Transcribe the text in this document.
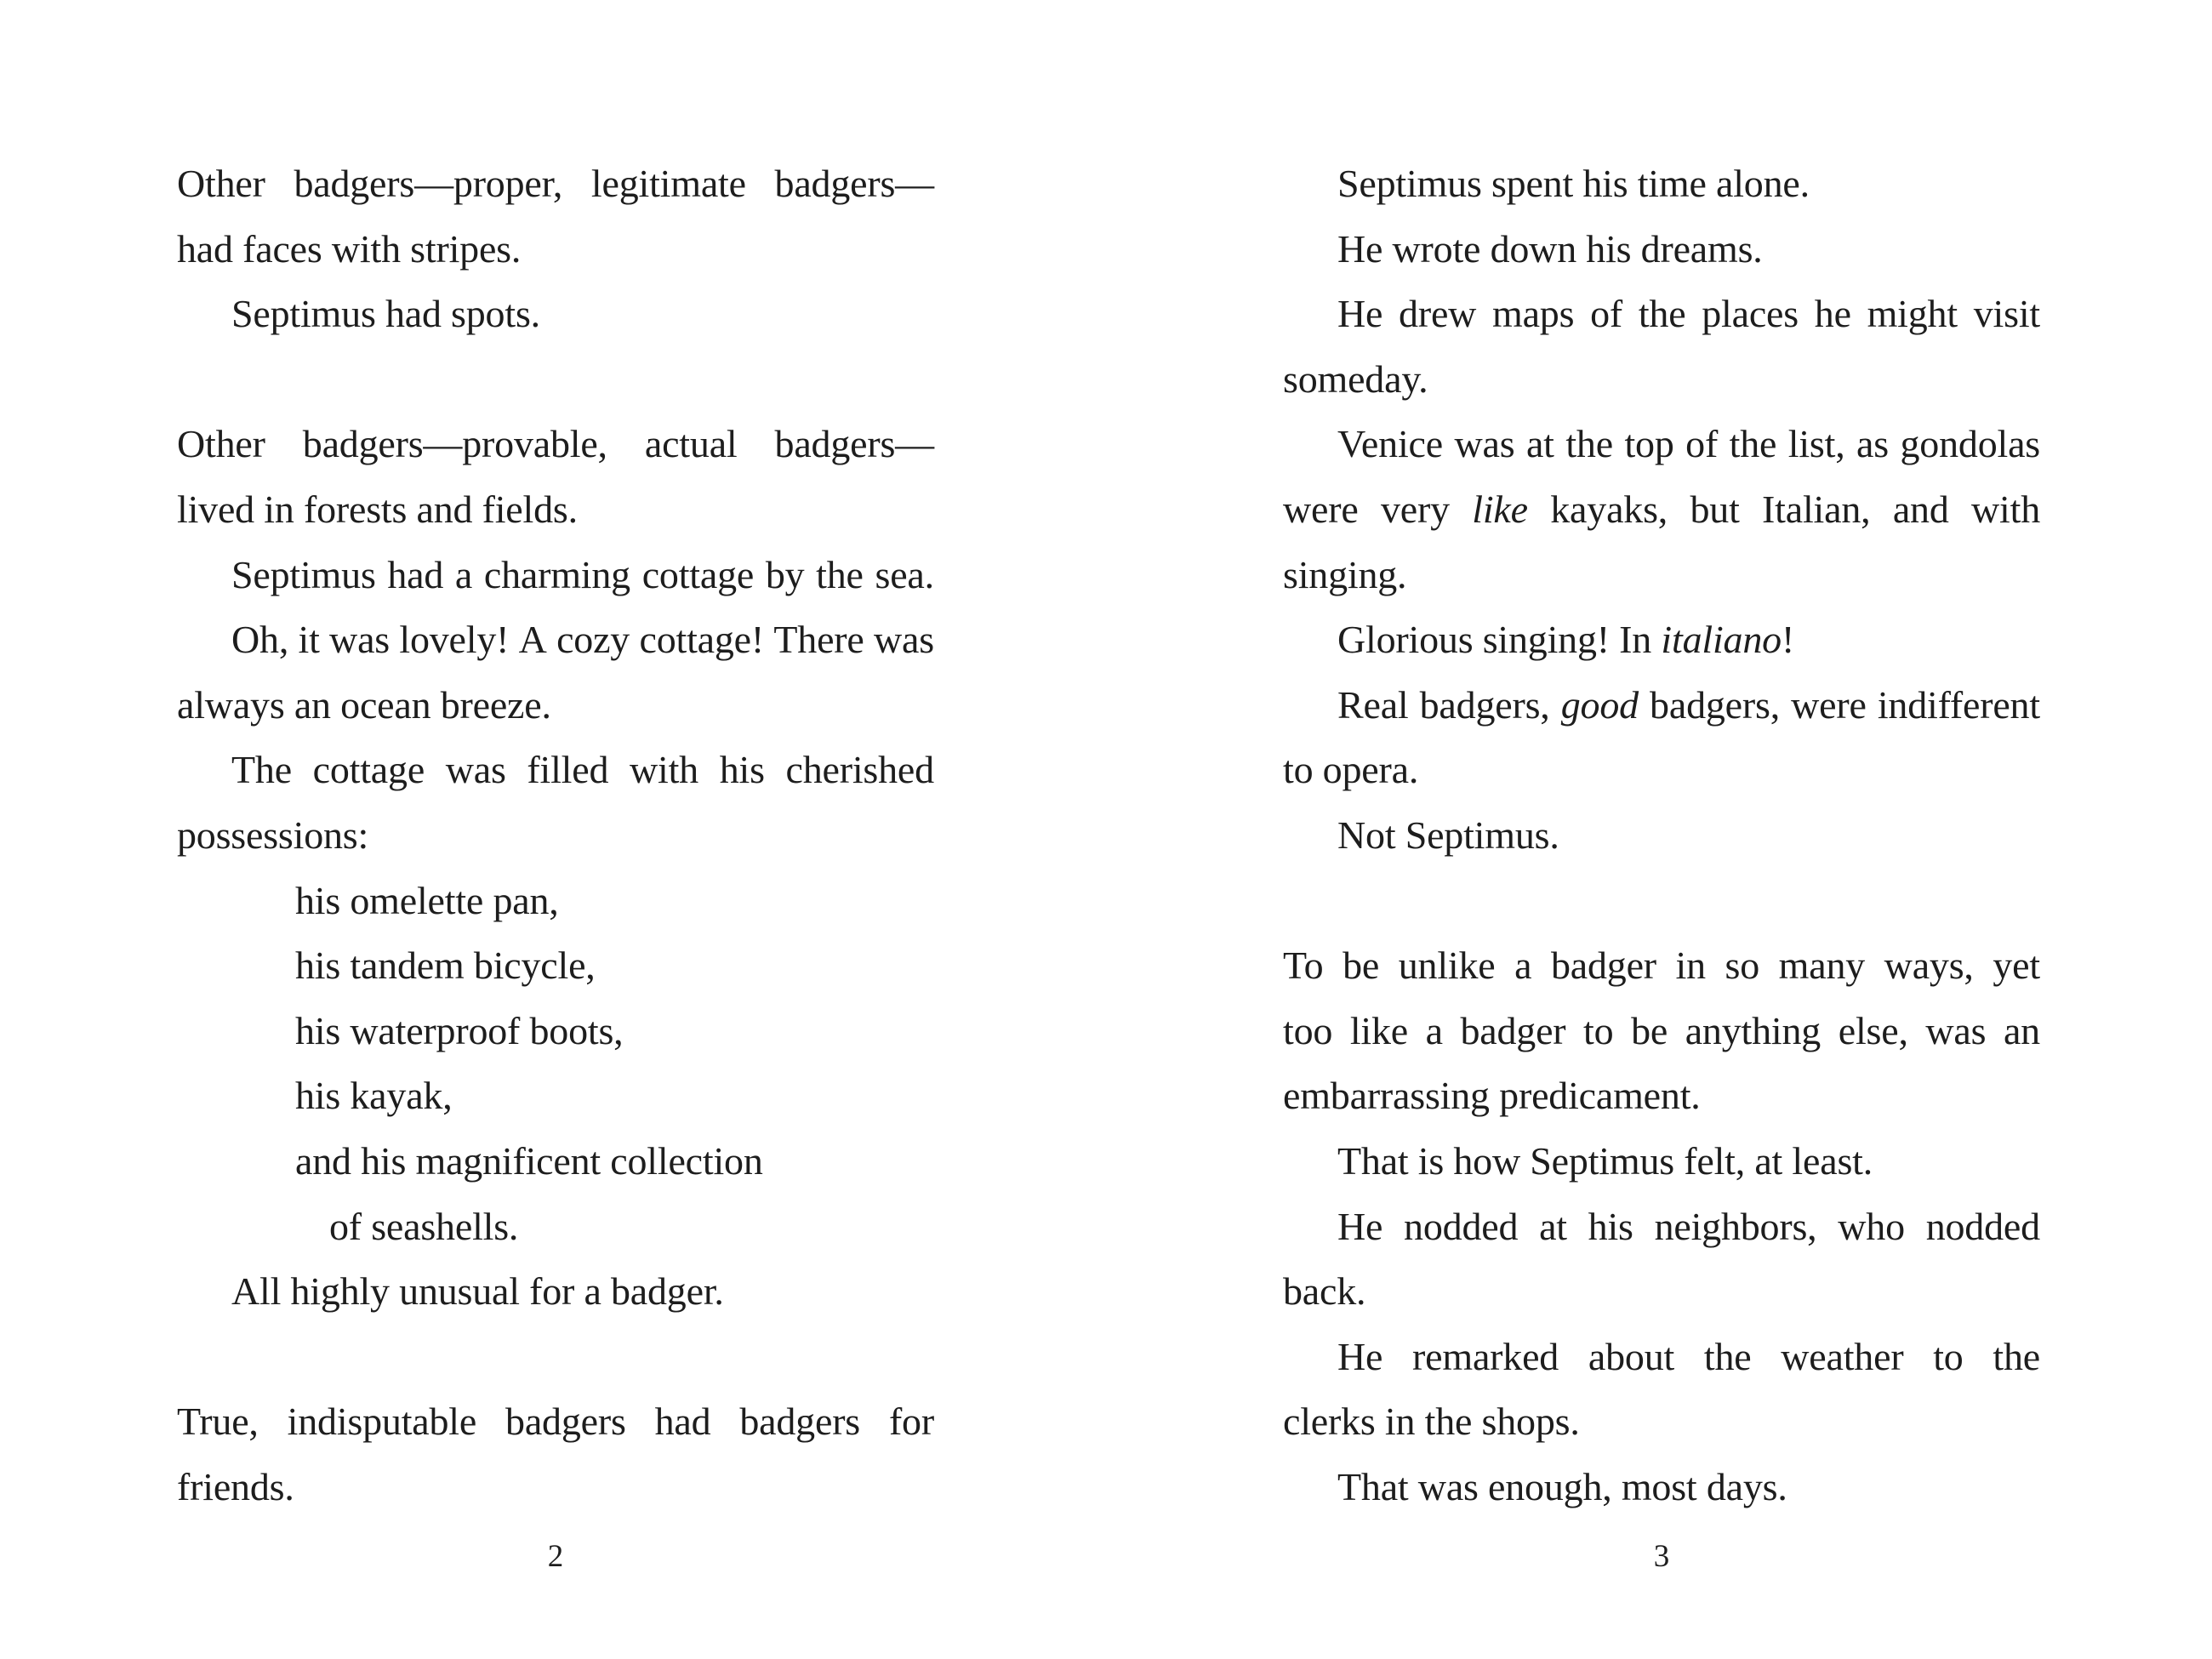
Other badgers—proper, legitimate badgers—
had faces with stripes.
Septimus had spots.
Other badgers—provable, actual badgers—
lived in forests and fields.
Septimus had a charming cottage by the sea.
Oh, it was lovely! A cozy cottage! There was
always an ocean breeze.
The cottage was filled with his cherished
possessions:
his omelette pan,
his tandem bicycle,
his waterproof boots,
his kayak,
and his magnificent collection
of seashells.
All highly unusual for a badger.
True, indisputable badgers had badgers for
friends.
Septimus spent his time alone.
He wrote down his dreams.
He drew maps of the places he might visit
someday.
Venice was at the top of the list, as gondolas
were very like kayaks, but Italian, and with
singing.
Glorious singing! In italiano!
Real badgers, good badgers, were indifferent
to opera.
Not Septimus.
To be unlike a badger in so many ways, yet
too like a badger to be anything else, was an
embarrassing predicament.
That is how Septimus felt, at least.
He nodded at his neighbors, who nodded
back.
He remarked about the weather to the
clerks in the shops.
That was enough, most days.
2	3
